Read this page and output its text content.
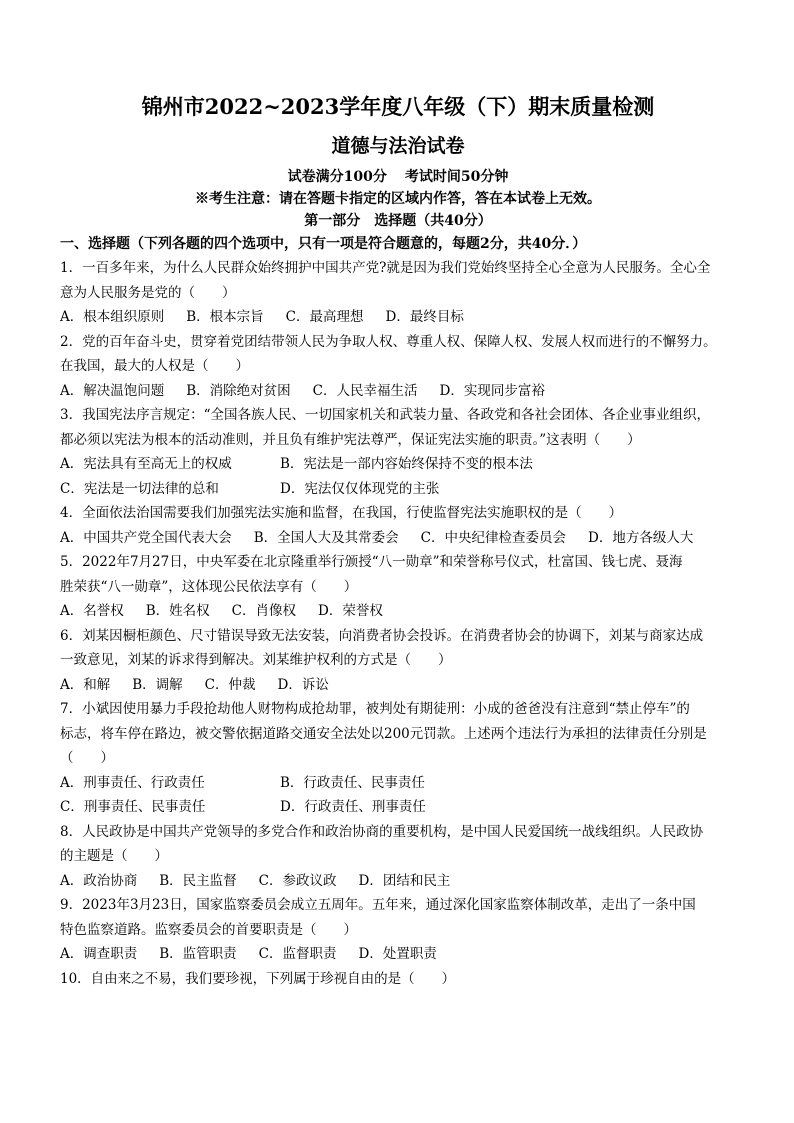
锦州市2022~2023学年度八年级（下）期末质量检测
道德与法治试卷
试卷满分100分 考试时间50分钟
※考生注意：请在答题卡指定的区域内作答，答在本试卷上无效。
第一部分　选择题（共40分）
一、选择题（下列各题的四个选项中，只有一项是符合题意的，每题2分，共40分．）
1．一百多年来，为什么人民群众始终拥护中国共产党?就是因为我们党始终坚持全心全意为人民服务。全心全
意为人民服务是党的（　　）
A．根本组织原则 B．根本宗旨 C．最高理想 D．最终目标
2．党的百年奋斗史，贯穿着党团结带领人民为争取人权、尊重人权、保障人权、发展人权而进行的不懈努力。
在我国，最大的人权是（　　）
A．解决温饱问题 B．消除绝对贫困 C．人民幸福生活 D．实现同步富裕
3．我国宪法序言规定：“全国各族人民、一切国家机关和武装力量、各政党和各社会团体、各企业事业组织，
都必须以宪法为根本的活动准则，并且负有维护宪法尊严，保证宪法实施的职责。”这表明（　　）
A．宪法具有至高无上的权威	B．宪法是一部内容始终保持不变的根本法
C．宪法是一切法律的总和	D．宪法仅仅体现党的主张
4．全面依法治国需要我们加强宪法实施和监督，在我国，行使监督宪法实施职权的是（　　）
A．中国共产党全国代表大会 B．全国人大及其常委会 C．中央纪律检查委员会 D．地方各级人大
5．2022年7月27日，中央军委在北京隆重举行颁授“八一勋章”和荣誉称号仪式，杜富国、钱七虎、聂海
胜荣获“八一勋章”，这体现公民依法享有（　　）
A．名誉权 B．姓名权 C．肖像权 D．荣誉权
6．刘某因橱柜颜色、尺寸错误导致无法安装，向消费者协会投诉。在消费者协会的协调下，刘某与商家达成
一致意见，刘某的诉求得到解决。刘某维护权利的方式是（　　）
A．和解 B．调解 C．仲裁 D．诉讼
7．小斌因使用暴力手段抢劫他人财物构成抢劫罪，被判处有期徒刑：小成的爸爸没有注意到“禁止停车”的
标志，将车停在路边，被交警依据道路交通安全法处以200元罚款。上述两个违法行为承担的法律责任分别是
（　　）
A．刑事责任、行政责任	B．行政责任、民事责任
C．刑事责任、民事责任	D．行政责任、刑事责任
8．人民政协是中国共产党领导的多党合作和政治协商的重要机构，是中国人民爱国统一战线组织。人民政协
的主题是（　　）
A．政治协商 B．民主监督 C．参政议政 D．团结和民主
9．2023年3月23日，国家监察委员会成立五周年。五年来，通过深化国家监察体制改革，走出了一条中国
特色监察道路。监察委员会的首要职责是（　　）
A．调查职责 B．监管职责 C．监督职责 D．处置职责
10．自由来之不易，我们要珍视，下列属于珍视自由的是（　　）
